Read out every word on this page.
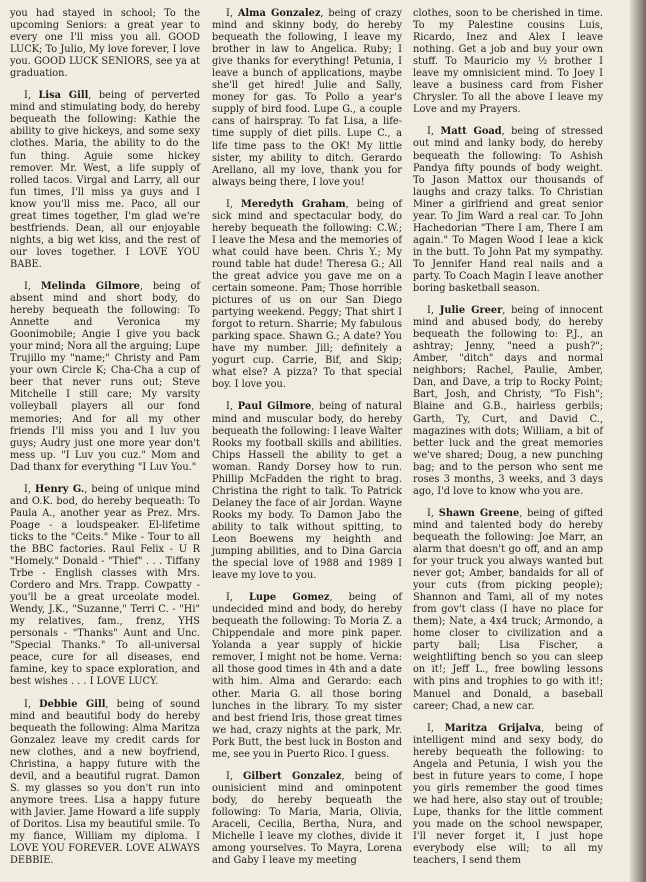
you had stayed in school; To the upcoming Seniors: a great year to every one I'll miss you all. GOOD LUCK; To Julio, My love forever, I love you. GOOD LUCK SENIORS, see ya at graduation.

I, Lisa Gill, being of perverted mind and stimulating body, do hereby bequeath the following: Kathie the ability to give hickeys, and some sexy clothes. Maria, the ability to do the fun thing. Aguie some hickey remover. Mr. West, a life supply of rolled tacos. Virgal and Larry, all our fun times, I'll miss ya guys and I know you'll miss me. Paco, all our great times together, I'm glad we're bestfriends. Dean, all our enjoyable nights, a big wet kiss, and the rest of our loves together. I LOVE YOU BABE.

I, Melinda Gilmore, being of absent mind and short body, do hereby bequeath the following: To Annette and Veronica my Goonimobile; Angie I give you back your mind; Nora all the arguing; Lupe Trujillo my "name;" Christy and Pam your own Circle K; Cha-Cha a cup of beer that never runs out; Steve Mitchelle I still care; My varsity volleyball players all our fond memories; And for all my other friends I'll miss you and I luv you guys; Audry just one more year don't mess up. "I Luv you cuz." Mom and Dad thanx for everything "I Luv You."

I, Henry G., being of unique mind and O.K. bod, do hereby bequeath: To Paula A., another year as Prez. Mrs. Poage - a loudspeaker. El-lifetime ticks to the "Ceits." Mike - Tour to all the BBC factories. Raul Felix - U R "Homely." Donald - "Thief" . . . Tiffany Trbe - English classes with Mrs. Cordero and Mrs. Trapp. Cowpatty - you'll be a great urceolate model. Wendy, J.K., "Suzanne," Terri C. - "Hi" my relatives, fam., frenz, YHS personals - "Thanks" Aunt and Unc. "Special Thanks." To all-universal peace, cure for all diseases, end famine, key to space exploration, and best wishes . . . I LOVE LUCY.

I, Debbie Gill, being of sound mind and beautiful body do hereby bequeath the following: Alma Maritza Gonzalez leave my credit cards for new clothes, and a new boyfriend, Christina, a happy future with the devil, and a beautiful rugrat. Damon S. my glasses so you don't run into anymore trees. Lisa a happy future with Javier. Jame Howard a life supply of Doritos. Lisa my beautiful smile. To my fiance, William my diploma. I LOVE YOU FOREVER. LOVE ALWAYS DEBBIE.

I, Alma Gonzalez, being of crazy mind and skinny body, do hereby bequeath the following, I leave my brother in law to Angelica. Ruby; I give thanks for everything! Petunia, I leave a bunch of applications, maybe she'll get hired! Julie and Sally, money for gas. To Pollo a year's supply of bird food. Lupe G., a couple cans of hairspray. To fat Lisa, a life-time supply of diet pills. Lupe C., a life time pass to the OK! My little sister, my ability to ditch. Gerardo Arellano, all my love, thank you for always being there, I love you!

I, Meredyth Graham, being of sick mind and spectacular body, do hereby bequeath the following: C.W.; I leave the Mesa and the memories of what could have been. Chris Y.; My round table hat dude! Theresa G.; All the great advice you gave me on a certain someone. Pam; Those horrible pictures of us on our San Diego partying weekend. Peggy; That shirt I forgot to return. Sharrie; My fabulous parking space. Shawn G.; A date? You have my number. Jill; definitely a yogurt cup. Carrie, Bif, and Skip; what else? A pizza? To that special boy. I love you.

I, Paul Gilmore, being of natural mind and muscular body, do hereby bequeath the following: I leave Walter Rooks my football skills and abilities. Chips Hassell the ability to get a woman. Randy Dorsey how to run. Phillip McFadden the right to brag. Christina the right to talk. To Patrick Delaney the face of air Jordan. Wayne Rooks my body. To Damon Jabo the ability to talk without spitting, to Leon Boewens my heighth and jumping abilities, and to Dina Garcia the special love of 1988 and 1989 I leave my love to you.

I, Lupe Gomez, being of undecided mind and body, do hereby bequeath the following: To Moria Z. a Chippendale and more pink paper. Yolanda a year supply of hickie remover, I might not be home. Verna: all those good times in 4th and a date with him. Alma and Gerardo: each other. Maria G. all those boring lunches in the library. To my sister and best friend Iris, those great times we had, crazy nights at the park, Mr. Pork Butt, the best luck in Boston and me, see you in Puerto Rico. I guess.

I, Gilbert Gonzalez, being of ounisicient mind and ominpotent body, do hereby bequeath the following: To Maria, Maria, Olivia, Araceli, Cecilia, Bertha, Nura, and Michelle I leave my clothes, divide it among yourselves. To Mayra, Lorena and Gaby I leave my meeting

clothes, soon to be cherished in time. To my Palestine cousins Luis, Ricardo, Inez and Alex I leave nothing. Get a job and buy your own stuff. To Mauricio my ½ brother I leave my omnisicient mind. To Joey I leave a business card from Fisher Chrysler. To all the above I leave my Love and my Prayers.

I, Matt Goad, being of stressed out mind and lanky body, do hereby bequeath the following: To Ashish Pandya fifty pounds of body weight. To Jason Mattox our thousands of laughs and crazy talks. To Christian Miner a girlfriend and great senior year. To Jim Ward a real car. To John Hachedorian "There I am, There I am again." To Magen Wood I leae a kick in the butt. To John Pat my sympathy. To Jennifer Hand real nails and a party. To Coach Magin I leave another boring basketball season.

I, Julie Greer, being of innocent mind and abused body, do hereby bequeath the following to: P.J., an ashtray; Jenny, "need a push?"; Amber, "ditch" days and normal neighbors; Rachel, Paulie, Amber, Dan, and Dave, a trip to Rocky Point; Bart, Josh, and Christy, "To Fish"; Blaine and G.B., hairless gerbils; Garth, Ty, Curt, and David C., magazines with dots; William, a bit of better luck and the great memories we've shared; Doug, a new punching bag; and to the person who sent me roses 3 months, 3 weeks, and 3 days ago, I'd love to know who you are.

I, Shawn Greene, being of gifted mind and talented body do hereby bequeath the following: Joe Marr, an alarm that doesn't go off, and an amp for your truck you always wanted but never got; Amber, bandaids for all of your cuts (from picking people); Shannon and Tami, all of my notes from gov't class (I have no place for them); Nate, a 4x4 truck; Armondo, a home closer to civilization and a party ball; Lisa Fischer, a weightlifting bench so you can sleep on it!; Jeff L., free bowling lessons with pins and trophies to go with it!; Manuel and Donald, a baseball career; Chad, a new car.

I, Maritza Grijalva, being of intelligent mind and sexy body, do hereby bequeath the following: to Angela and Petunia, I wish you the best in future years to come, I hope you girls remember the good times we had here, also stay out of trouble; Lupe, thanks for the little comment you made on the school newspaper, I'll never forget it, I just hope everybody else will; to all my teachers, I send them
